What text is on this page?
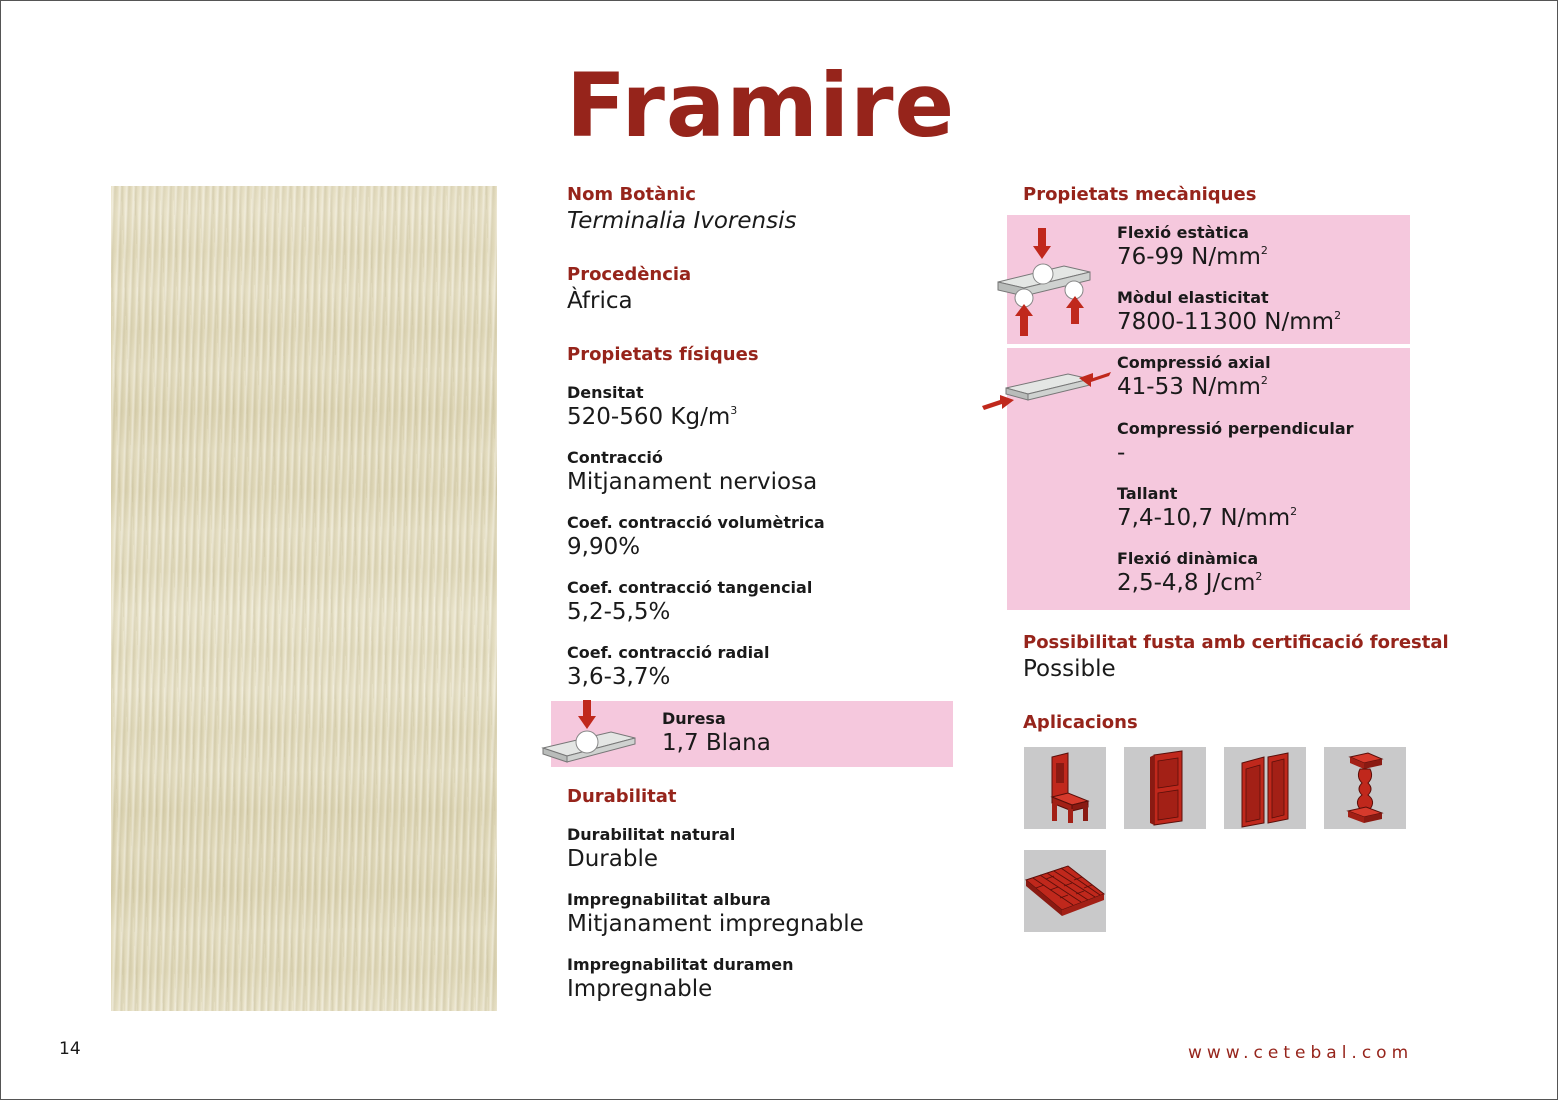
Framire
Nom Botànic
Terminalia Ivorensis
Procedència
Àfrica
Propietats físiques
Densitat
520-560 $Kg/m^3$
Contracció
Mitjanament nerviosa
Coef. contracció volumètrica
9,90%
Coef. contracció tangencial
5,2-5,5%
Coef. contracció radial
3,6-3,7%
Duresa
1,7 Blana
Durabilitat
Durabilitat natural
Durable
Impregnabilitat albura
Mitjanament impregnable
Impregnabilitat duramen
Impregnable
Propietats mecàniques
Flexió estàtica
76-99 $N/mm^2$
Mòdul elasticitat
7800-11300 $N/mm^2$
Compressió axial
41-53 $N/mm^2$
Compressió perpendicular
-
Tallant
7,4-10,7 $N/mm^2$
Flexió dinàmica
2,5-4,8 $J/cm^2$
Possibilitat fusta amb certificació forestal
Possible
Aplicacions
14	www.cetebal.com
